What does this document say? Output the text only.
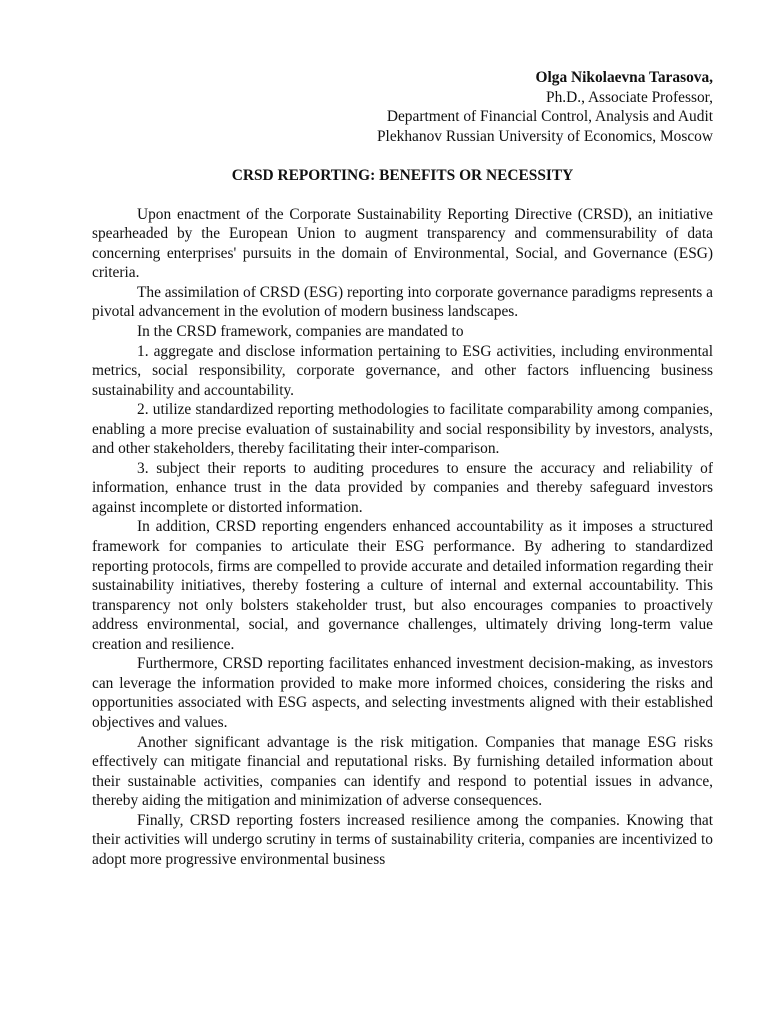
Olga Nikolaevna Tarasova,
Ph.D., Associate Professor,
Department of Financial Control, Analysis and Audit
Plekhanov Russian University of Economics, Moscow
CRSD REPORTING: BENEFITS OR NECESSITY

Upon enactment of the Corporate Sustainability Reporting Directive (CRSD), an initiative spearheaded by the European Union to augment transparency and commensurability of data concerning enterprises' pursuits in the domain of Environmental, Social, and Governance (ESG) criteria.

The assimilation of CRSD (ESG) reporting into corporate governance paradigms represents a pivotal advancement in the evolution of modern business landscapes.

In the CRSD framework, companies are mandated to

1. aggregate and disclose information pertaining to ESG activities, including environmental metrics, social responsibility, corporate governance, and other factors influencing business sustainability and accountability.

2. utilize standardized reporting methodologies to facilitate comparability among companies, enabling a more precise evaluation of sustainability and social responsibility by investors, analysts, and other stakeholders, thereby facilitating their inter-comparison.

3. subject their reports to auditing procedures to ensure the accuracy and reliability of information, enhance trust in the data provided by companies and thereby safeguard investors against incomplete or distorted information.

In addition, CRSD reporting engenders enhanced accountability as it imposes a structured framework for companies to articulate their ESG performance. By adhering to standardized reporting protocols, firms are compelled to provide accurate and detailed information regarding their sustainability initiatives, thereby fostering a culture of internal and external accountability. This transparency not only bolsters stakeholder trust, but also encourages companies to proactively address environmental, social, and governance challenges, ultimately driving long-term value creation and resilience.

Furthermore, CRSD reporting facilitates enhanced investment decision-making, as investors can leverage the information provided to make more informed choices, considering the risks and opportunities associated with ESG aspects, and selecting investments aligned with their established objectives and values.

Another significant advantage is the risk mitigation. Companies that manage ESG risks effectively can mitigate financial and reputational risks. By furnishing detailed information about their sustainable activities, companies can identify and respond to potential issues in advance, thereby aiding the mitigation and minimization of adverse consequences.

Finally, CRSD reporting fosters increased resilience among the companies. Knowing that their activities will undergo scrutiny in terms of sustainability criteria, companies are incentivized to adopt more progressive environmental business
